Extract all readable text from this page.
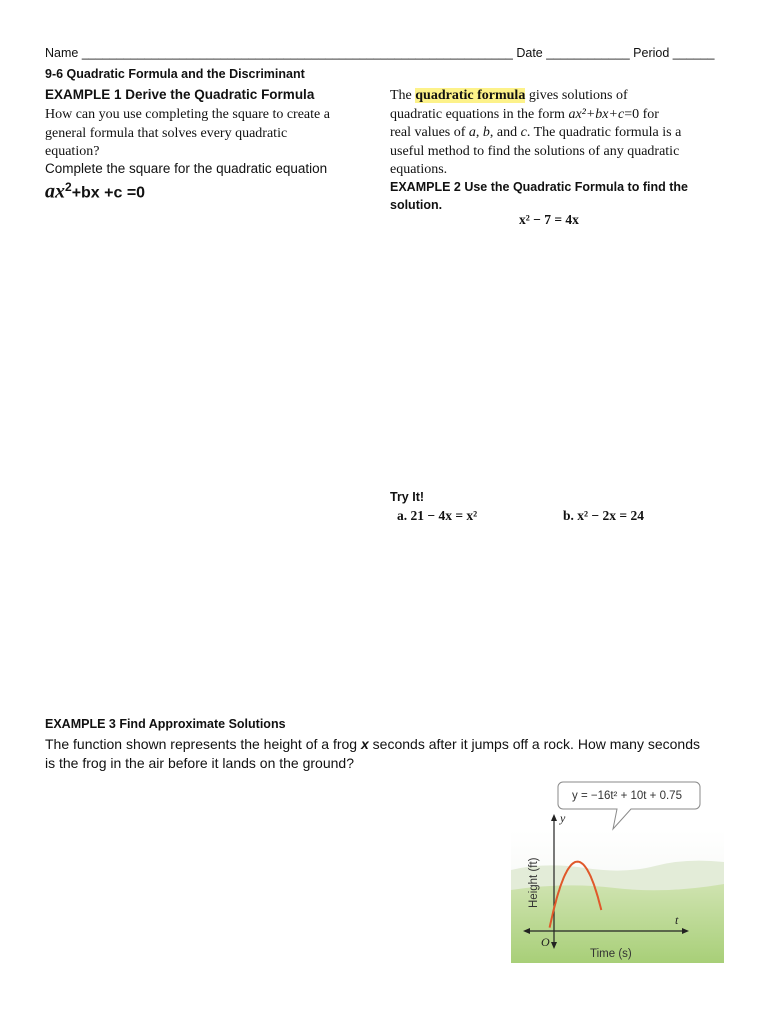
Name ______________________________________________________________ Date ____________ Period ______
9-6 Quadratic Formula and the Discriminant
EXAMPLE 1 Derive the Quadratic Formula
How can you use completing the square to create a
general formula that solves every quadratic
equation?
Complete the square for the quadratic equation
$ax^2+bx +c =0$
The quadratic formula gives solutions of
quadratic equations in the form ax²+bx+c=0 for
real values of a, b, and c. The quadratic formula is a
useful method to find the solutions of any quadratic
equations.
EXAMPLE 2 Use the Quadratic Formula to find the
solution.
x² − 7 = 4x
Try It!
a. 21 − 4x = x²	b. x² − 2x = 24
EXAMPLE 3 Find Approximate Solutions
The function shown represents the height of a frog x seconds after it jumps off a rock. How many seconds
is the frog in the air before it lands on the ground?
y = −16t² + 10t + 0.75
y
t
O
Height (ft)
Time (s)
